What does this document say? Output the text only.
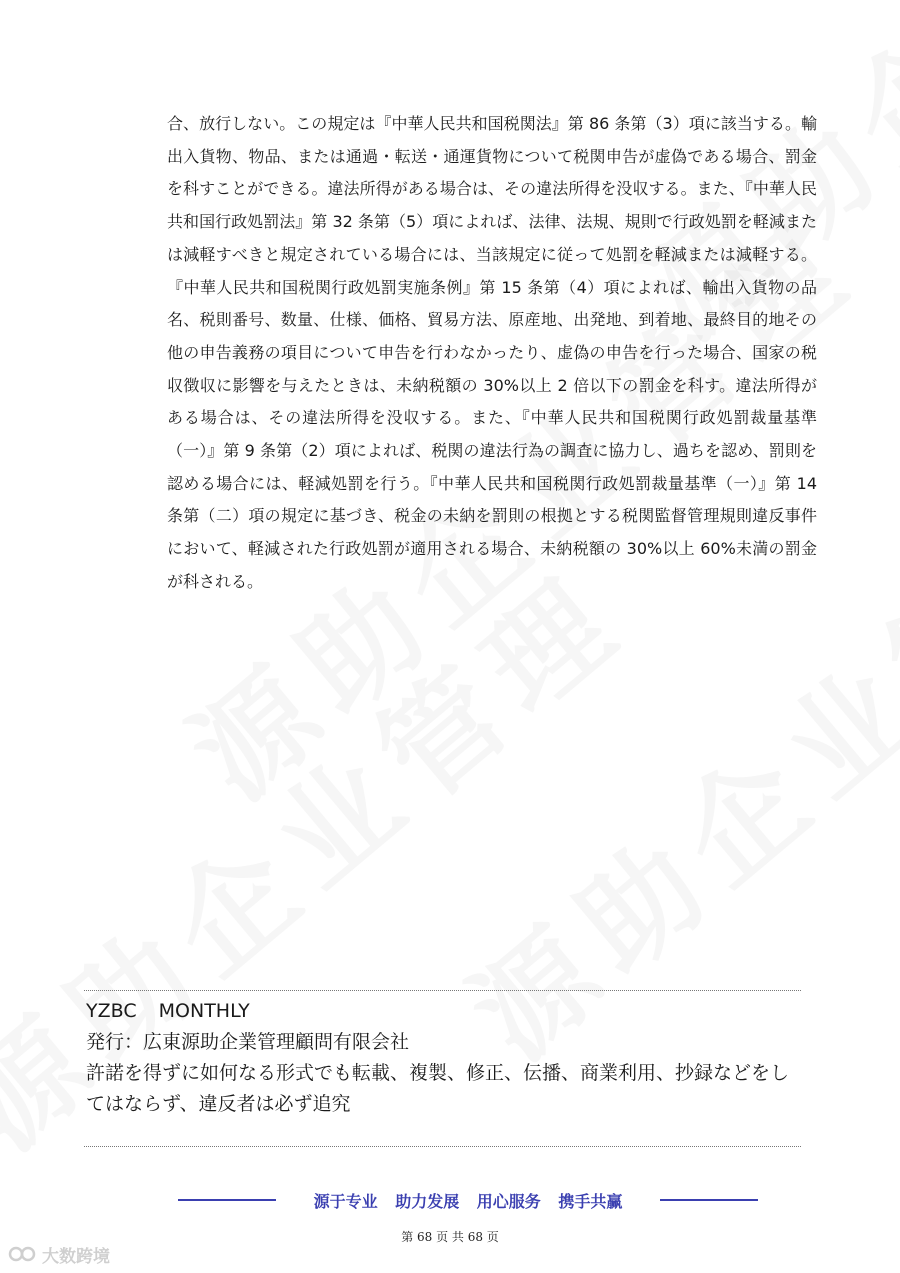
合、放行しない。この規定は『中華人民共和国税関法』第 86 条第（3）項に該当する。輸出入貨物、物品、または通過・転送・通運貨物について税関申告が虚偽である場合、罰金を科すことができる。違法所得がある場合は、その違法所得を没収する。また、『中華人民共和国行政処罰法』第 32 条第（5）項によれば、法律、法規、規則で行政処罰を軽減または減軽すべきと規定されている場合には、当該規定に従って処罰を軽減または減軽する。『中華人民共和国税関行政処罰実施条例』第 15 条第（4）項によれば、輸出入貨物の品名、税則番号、数量、仕様、価格、貿易方法、原産地、出発地、到着地、最終目的地その他の申告義務の項目について申告を行わなかったり、虚偽の申告を行った場合、国家の税収徴収に影響を与えたときは、未納税額の 30%以上 2 倍以下の罰金を科す。違法所得がある場合は、その違法所得を没収する。また、『中華人民共和国税関行政処罰裁量基準（一）』第 9 条第（2）項によれば、税関の違法行為の調査に協力し、過ちを認め、罰則を認める場合には、軽減処罰を行う。『中華人民共和国税関行政処罰裁量基準（一）』第 14 条第（二）項の規定に基づき、税金の未納を罰則の根拠とする税関監督管理規則違反事件において、軽減された行政処罰が適用される場合、未納税額の 30%以上 60%未満の罰金が科される。

YZBC MONTHLY
発行：広東源助企業管理顧問有限会社
許諾を得ずに如何なる形式でも転載、複製、修正、伝播、商業利用、抄録などをしてはならず、違反者は必ず追究
源于专业 助力发展 用心服务 携手共赢
第 68 页 共 68 页
大数跨境
